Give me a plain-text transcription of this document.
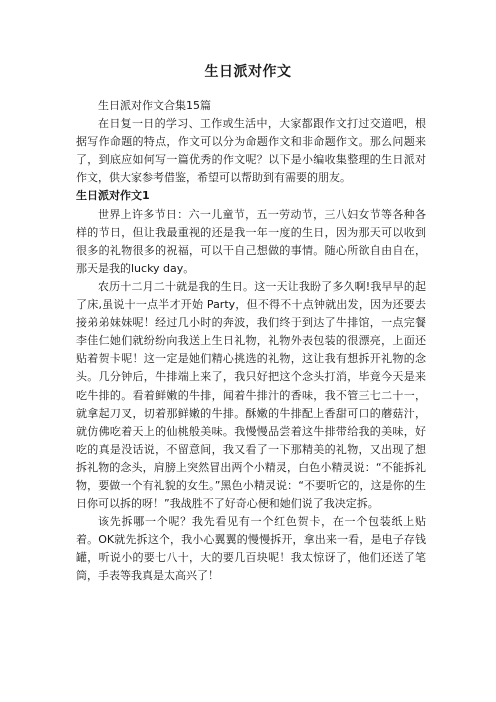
生日派对作文

生日派对作文合集15篇

在日复一日的学习、工作或生活中，大家都跟作文打过交道吧，根据写作命题的特点，作文可以分为命题作文和非命题作文。那么问题来了，到底应如何写一篇优秀的作文呢？以下是小编收集整理的生日派对作文，供大家参考借鉴，希望可以帮助到有需要的朋友。

生日派对作文1

世界上许多节日：六一儿童节，五一劳动节，三八妇女节等各种各样的节日，但让我最重视的还是我一年一度的生日，因为那天可以收到很多的礼物很多的祝福，可以干自己想做的事情。随心所欲自由自在，那天是我的lucky day。

农历十二月二十就是我的生日。这一天让我盼了多久啊!我早早的起了床,虽说十一点半才开始 Party，但不得不十点钟就出发，因为还要去接弟弟妹妹呢！经过几小时的奔波，我们终于到达了牛排馆，一点完餐李佳仁她们就纷纷向我送上生日礼物，礼物外表包装的很漂亮，上面还贴着贺卡呢！这一定是她们精心挑选的礼物，这让我有想拆开礼物的念头。几分钟后，牛排端上来了，我只好把这个念头打消，毕竟今天是来吃牛排的。看着鲜嫩的牛排，闻着牛排汁的香味，我不管三七二十一，就拿起刀叉，切着那鲜嫩的牛排。酥嫩的牛排配上香甜可口的蘑菇汁，就仿佛吃着天上的仙桃般美味。我慢慢品尝着这牛排带给我的美味，好吃的真是没话说，不留意间，我又看了一下那精美的礼物，又出现了想拆礼物的念头，肩膀上突然冒出两个小精灵，白色小精灵说：“不能拆礼物，要做一个有礼貌的女生。”黑色小精灵说：“不要听它的，这是你的生日你可以拆的呀！”我战胜不了好奇心便和她们说了我决定拆。

该先拆哪一个呢？我先看见有一个红色贺卡，在一个包装纸上贴着。OK就先拆这个，我小心翼翼的慢慢拆开，拿出来一看，是电子存钱罐，听说小的要七八十，大的要几百块呢！我太惊讶了，他们还送了笔筒，手表等我真是太高兴了！
